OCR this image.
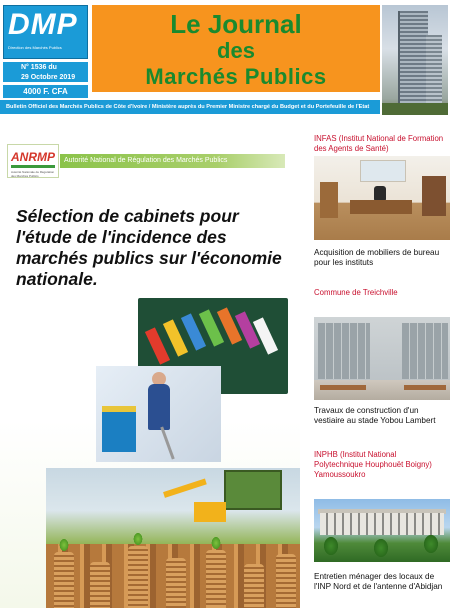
DMP
Direction des Marchés Publics
N° 1536 du
29 Octobre 2019
4000 F. CFA
Le Journal
des
Marchés Publics
Bulletin Officiel des Marchés Publics de Côte d'Ivoire / Ministère auprès du Premier Ministre chargé du Budget et du Portefeuille de l'Etat
ANRMP
Autorité Nationale de Régulation des Marchés Publics
Autorité National de Régulation des Marchés Publics
Sélection de cabinets pour l'étude de l'incidence des marchés publics sur l'économie nationale.
INFAS (Institut National de Formation des Agents de Santé)
Acquisition de mobiliers de bureau pour les instituts
Commune de Treichville
Travaux de construction d'un vestiaire au stade Yobou Lambert
INPHB (Institut National Polytechnique Houphouët Boigny) Yamoussoukro
Entretien ménager des locaux de l'INP Nord et de l'antenne d'Abidjan
